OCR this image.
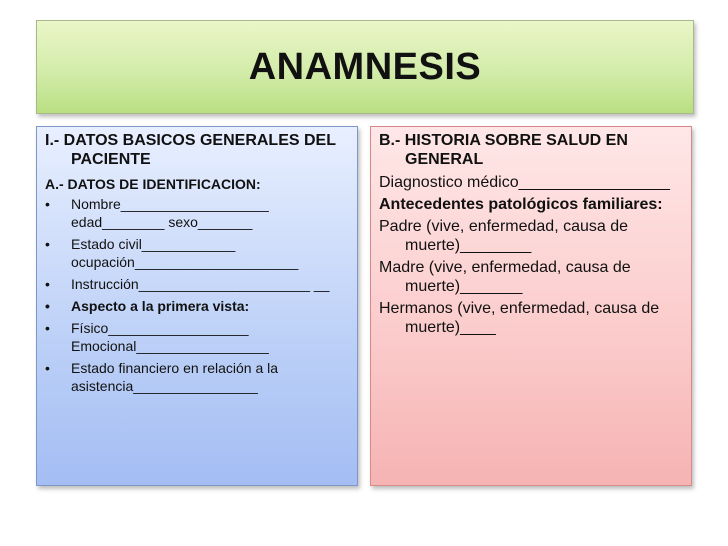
ANAMNESIS
I.- DATOS BASICOS GENERALES DEL PACIENTE
A.- DATOS DE IDENTIFICACION:
• Nombre___________________ edad________ sexo_______
• Estado civil____________ ocupación_____________________
• Instrucción______________________ __
• Aspecto a la primera vista:
• Físico__________________ Emocional_________________
• Estado financiero en relación a la asistencia________________
B.- HISTORIA SOBRE SALUD EN GENERAL

Diagnostico médico_________________

Antecedentes patológicos familiares:

Padre (vive, enfermedad, causa de muerte)________

Madre (vive, enfermedad, causa de muerte)_______

Hermanos (vive, enfermedad, causa de muerte)____
